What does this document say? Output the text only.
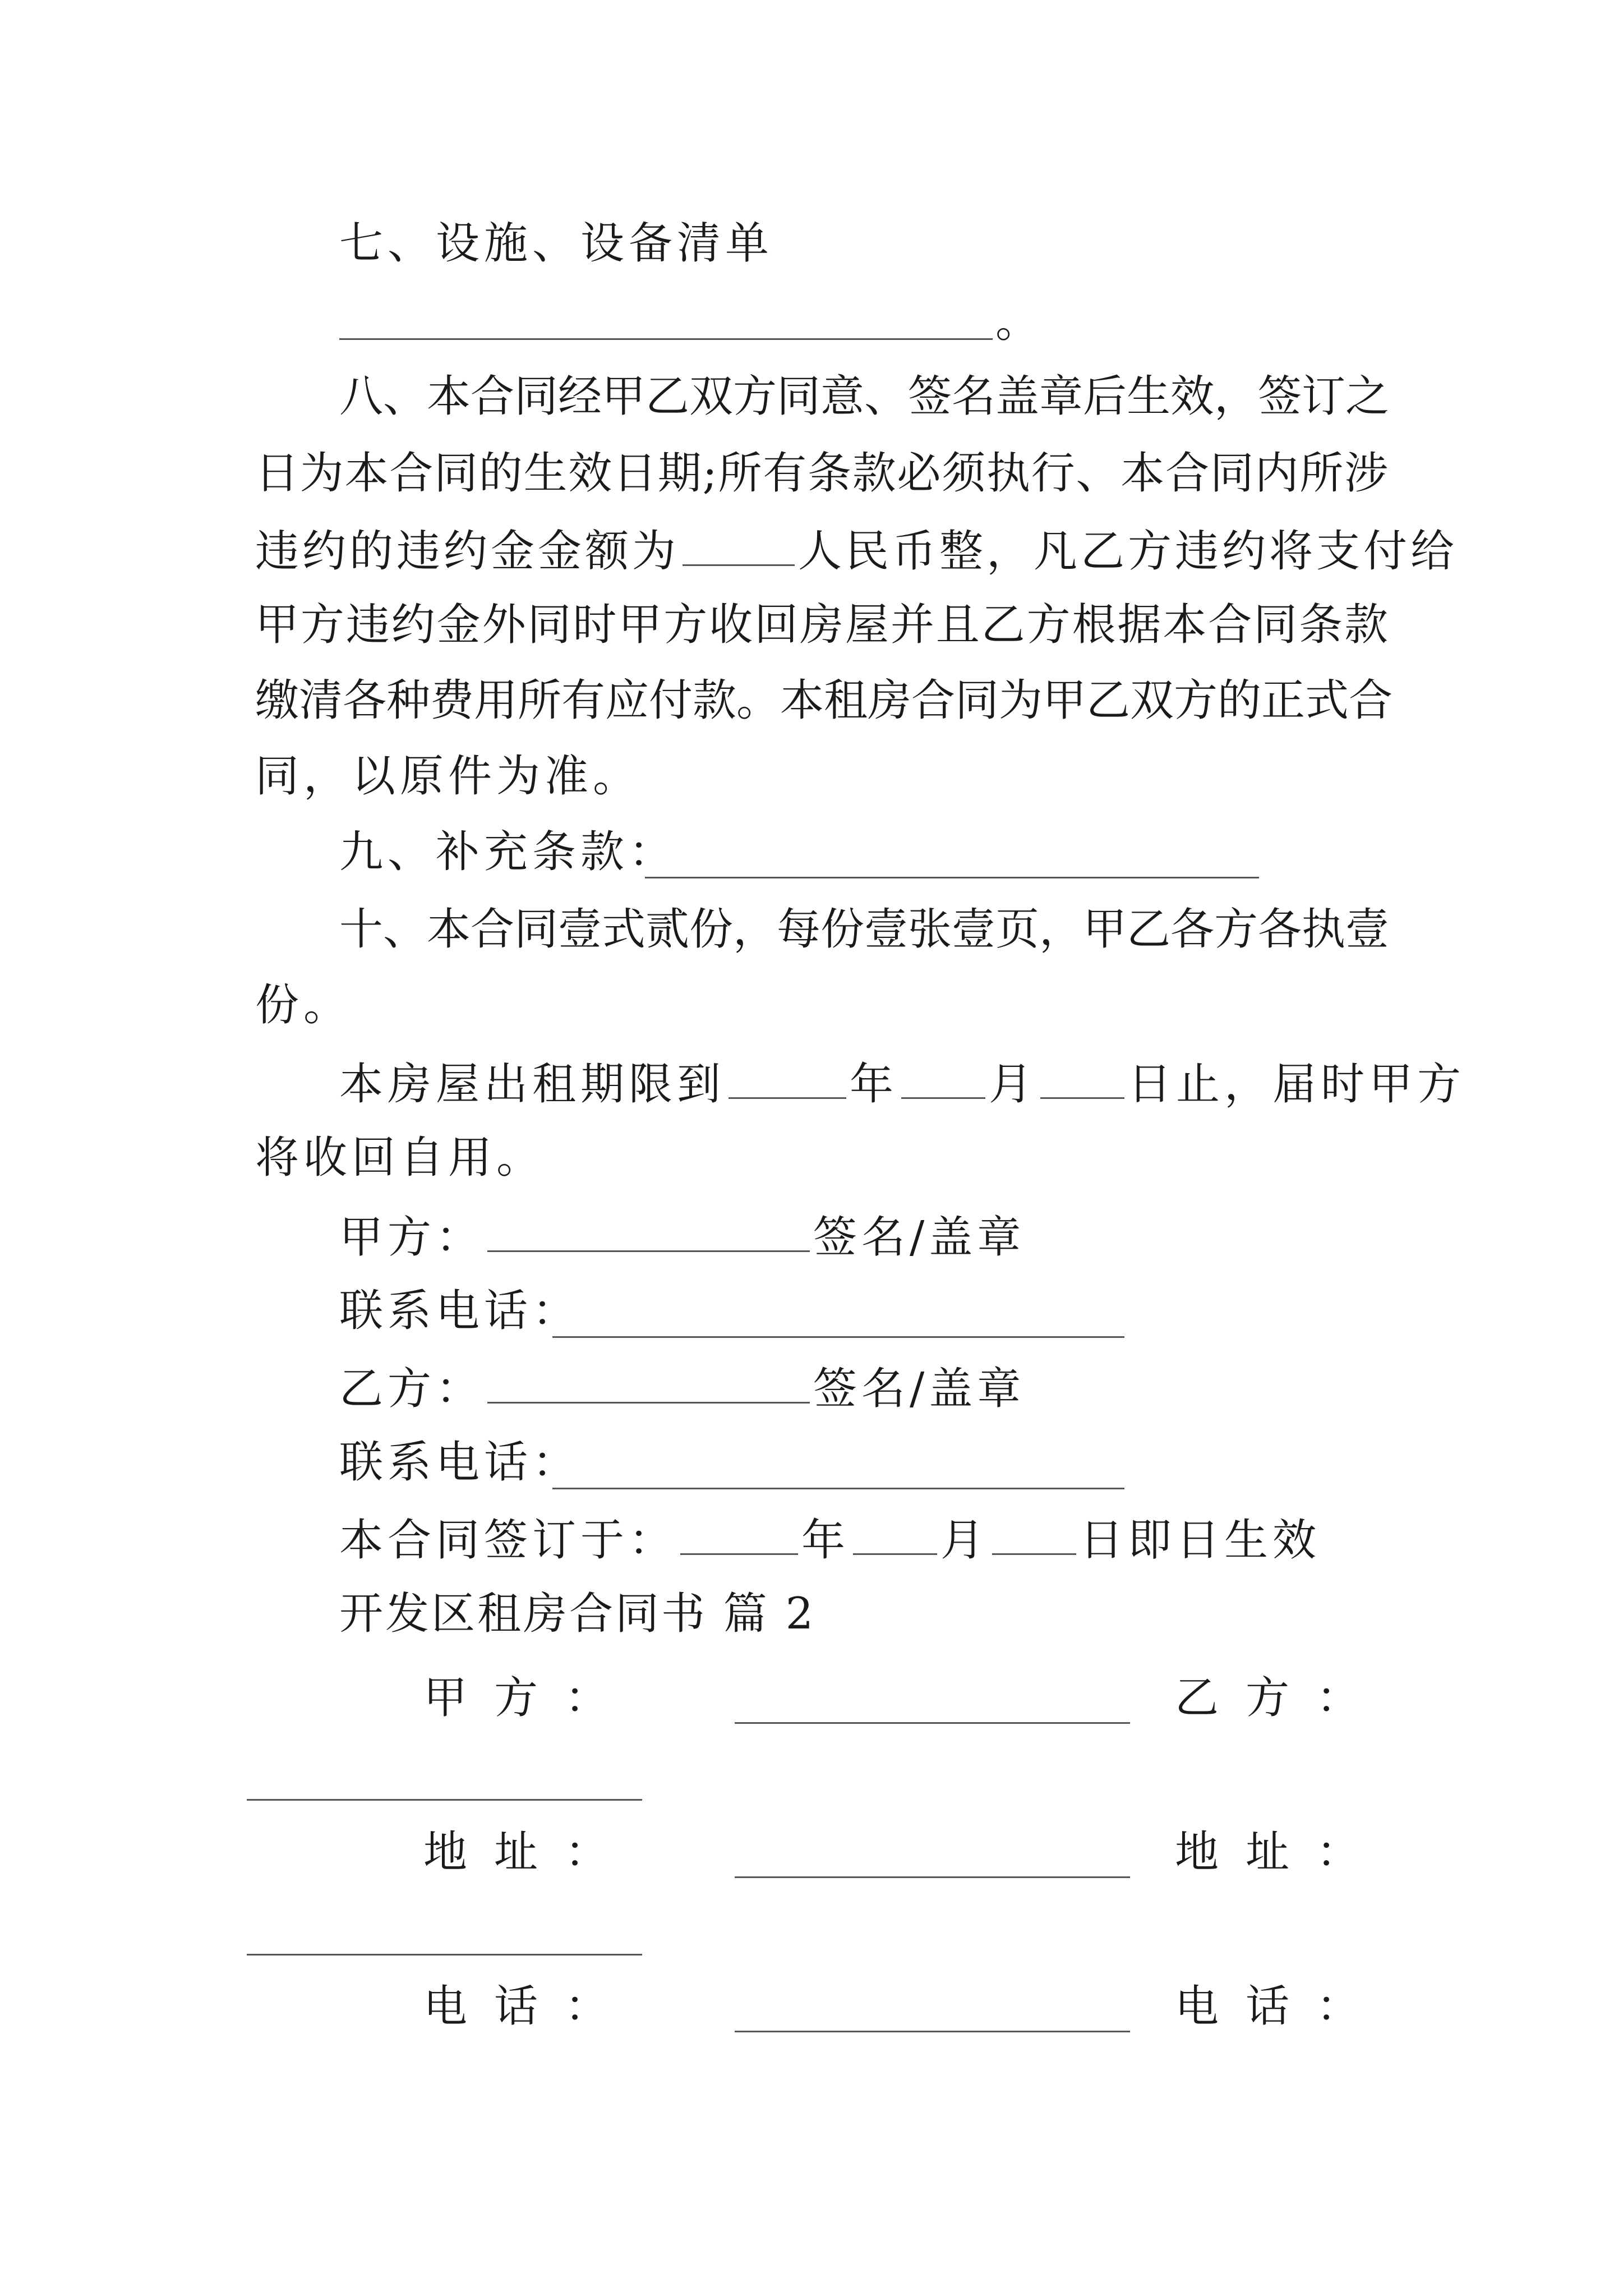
七、设施、设备清单
。
八、本合同经甲乙双方同意、签名盖章后生效，签订之
日为本合同的生效日期;所有条款必须执行、本合同内所涉
违约的违约金金额为	人民币整，凡乙方违约将支付给
甲方违约金外同时甲方收回房屋并且乙方根据本合同条款
缴清各种费用所有应付款。本租房合同为甲乙双方的正式合
同，以原件为准。
九、补充条款：
十、本合同壹式贰份，每份壹张壹页，甲乙各方各执壹
份。
本房屋出租期限到	年 月 日止，届时甲方
将收回自用。
甲方：	签名/盖章
联系电话：
乙方：	签名/盖章
联系电话：
本合同签订于：	年 月 日即日生效
开发区租房合同书 篇 2
甲 方 ：	乙 方 ：
地 址 ：	地 址 ：
电 话 ：	电 话 ：
